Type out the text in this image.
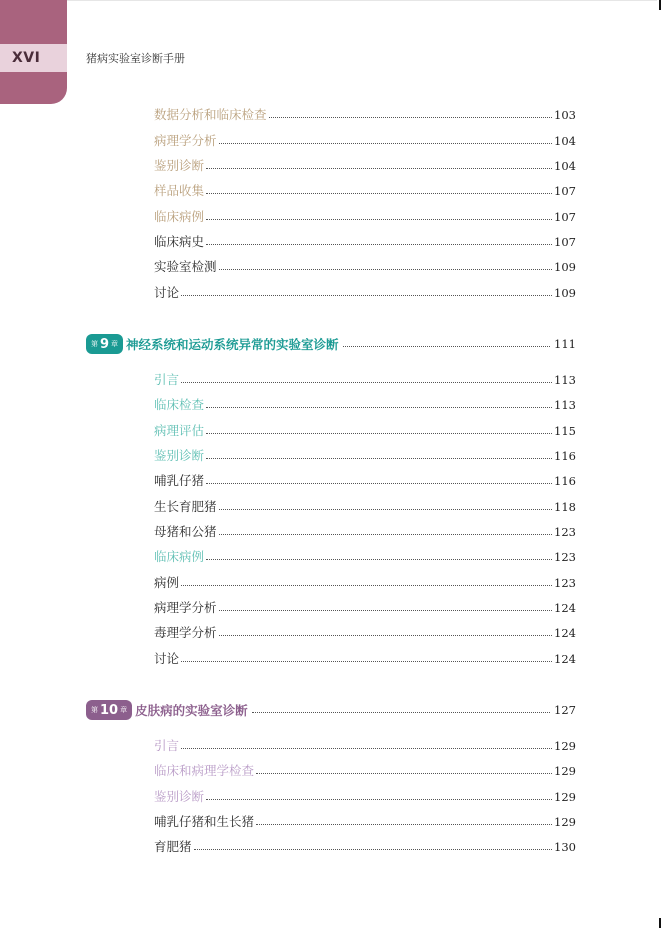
XVI	猪病实验室诊断手册
数据分析和临床检查	103
病理学分析	104
鉴别诊断	104
样品收集	107
临床病例	107
临床病史	107
实验室检测	109
讨论	109
第 9 章 神经系统和运动系统异常的实验室诊断	111
引言	113
临床检查	113
病理评估	115
鉴别诊断	116
哺乳仔猪	116
生长育肥猪	118
母猪和公猪	123
临床病例	123
病例	123
病理学分析	124
毒理学分析	124
讨论	124
第 10 章 皮肤病的实验室诊断	127
引言	129
临床和病理学检查	129
鉴别诊断	129
哺乳仔猪和生长猪	129
育肥猪	130
